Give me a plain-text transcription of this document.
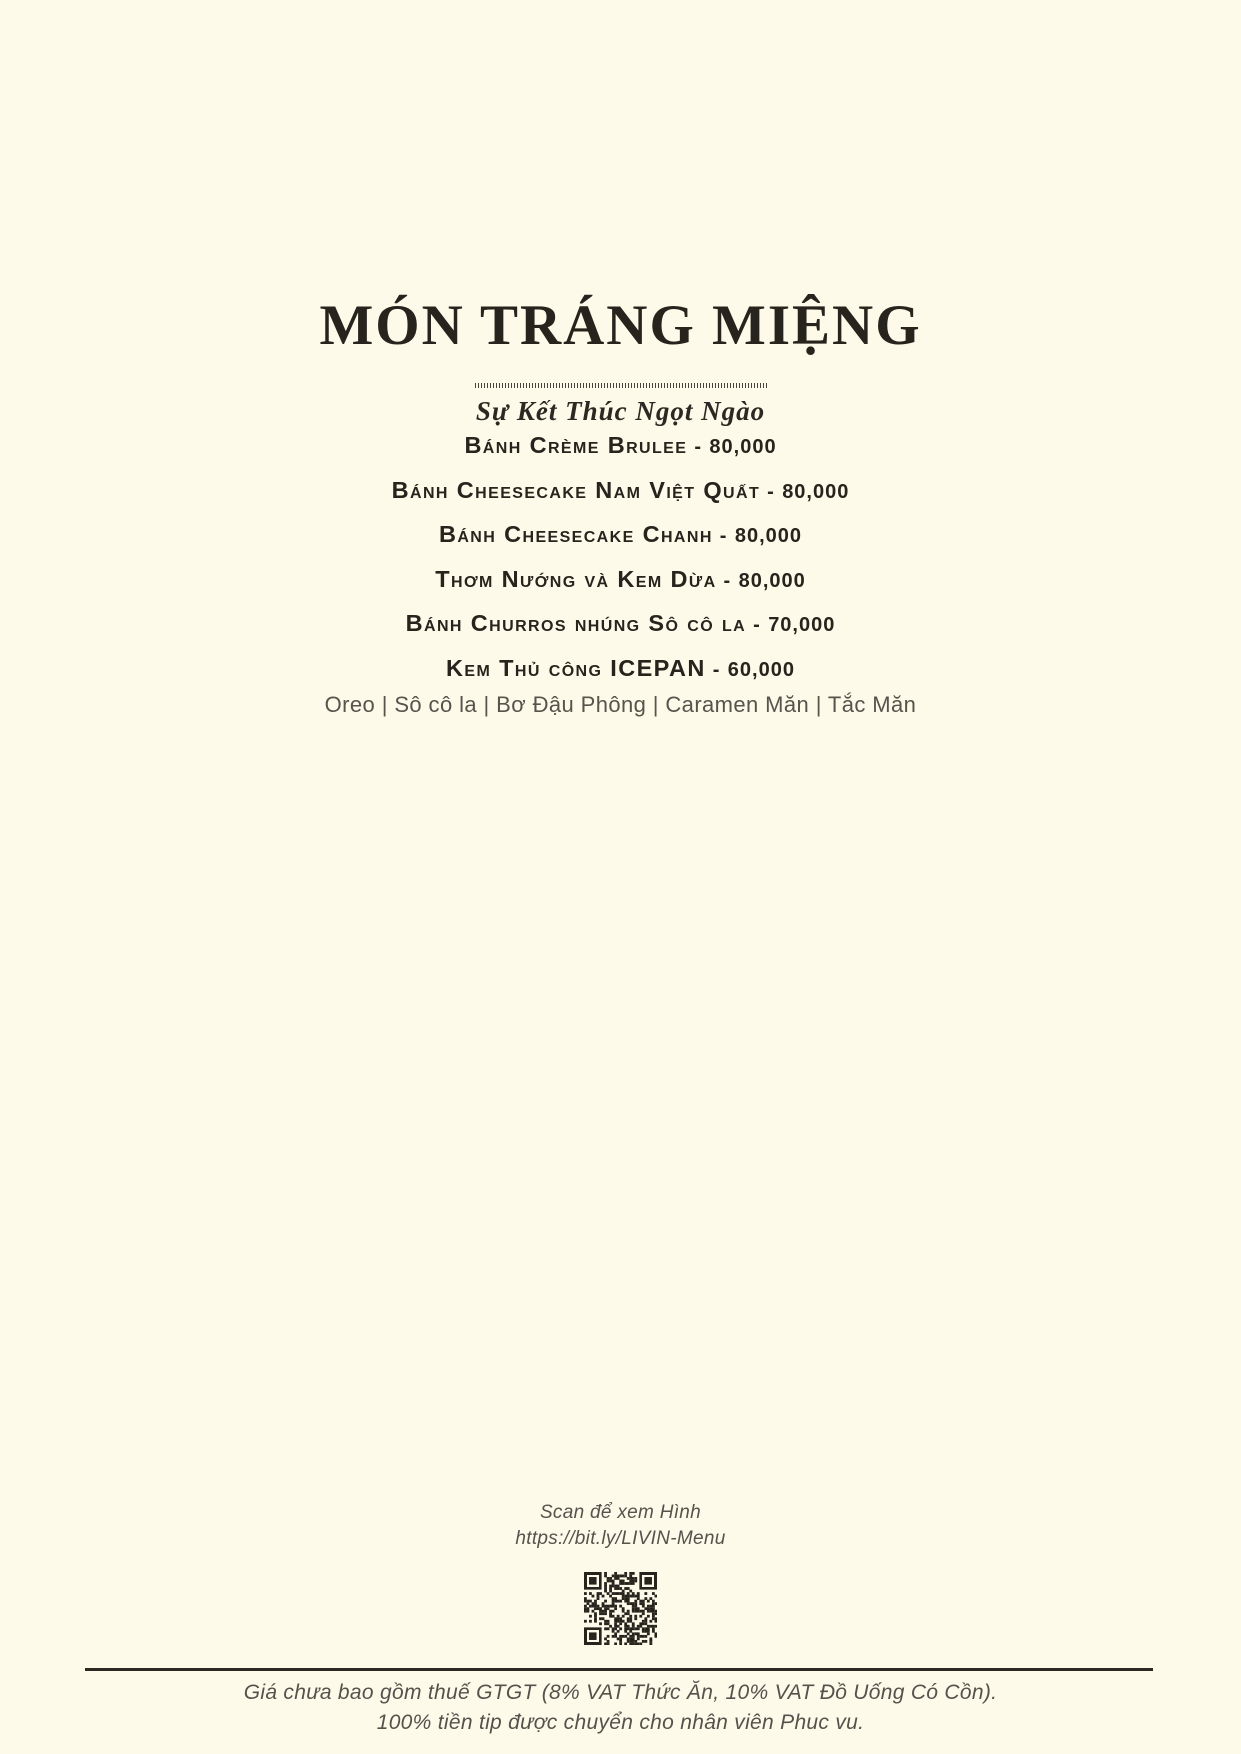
MÓN TRÁNG MIỆNG

Sự Kết Thúc Ngọt Ngào

Bánh Crème Brulee - 80,000
Bánh Cheesecake Nam Việt Quất - 80,000
Bánh Cheesecake Chanh - 80,000
Thơm Nướng và Kem Dừa - 80,000
Bánh Churros nhúng Sô cô la - 70,000
Kem Thủ công ICEPAN - 60,000
Oreo | Sô cô la | Bơ Đậu Phông | Caramen Măn | Tắc Măn
Scan để xem Hình
https://bit.ly/LIVIN-Menu
Giá chưa bao gồm thuế GTGT (8% VAT Thức Ăn, 10% VAT Đồ Uống Có Cồn).
100% tiền tip được chuyển cho nhân viên Phuc vu.
